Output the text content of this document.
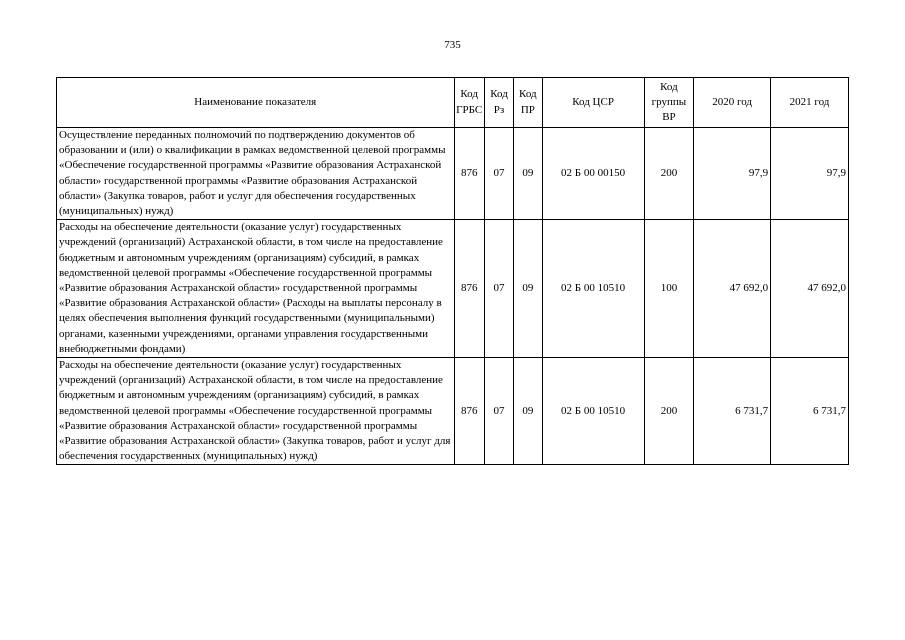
735
Наименование показателя	Код ГРБС	Код Рз	Код ПР	Код ЦСР	Код группы ВР	2020 год	2021 год
Осуществление переданных полномочий по подтверждению документов об образовании и (или) о квалификации в рамках ведомственной целевой программы «Обеспечение государственной программы «Развитие образования Астраханской области» государственной программы «Развитие образования Астраханской области» (Закупка товаров, работ и услуг для обеспечения государственных (муниципальных) нужд)	876	07	09	02 Б 00 00150	200	97,9	97,9
Расходы на обеспечение деятельности (оказание услуг) государственных учреждений (организаций) Астраханской области, в том числе на предоставление бюджетным и автономным учреждениям (организациям) субсидий, в рамках ведомственной целевой программы «Обеспечение государственной программы «Развитие образования Астраханской области» государственной программы «Развитие образования Астраханской области» (Расходы на выплаты персоналу в целях обеспечения выполнения функций государственными (муниципальными) органами, казенными учреждениями, органами управления государственными внебюджетными фондами)	876	07	09	02 Б 00 10510	100	47 692,0	47 692,0
Расходы на обеспечение деятельности (оказание услуг) государственных учреждений (организаций) Астраханской области, в том числе на предоставление бюджетным и автономным учреждениям (организациям) субсидий, в рамках ведомственной целевой программы «Обеспечение государственной программы «Развитие образования Астраханской области» государственной программы «Развитие образования Астраханской области» (Закупка товаров, работ и услуг для обеспечения государственных (муниципальных) нужд)	876	07	09	02 Б 00 10510	200	6 731,7	6 731,7
